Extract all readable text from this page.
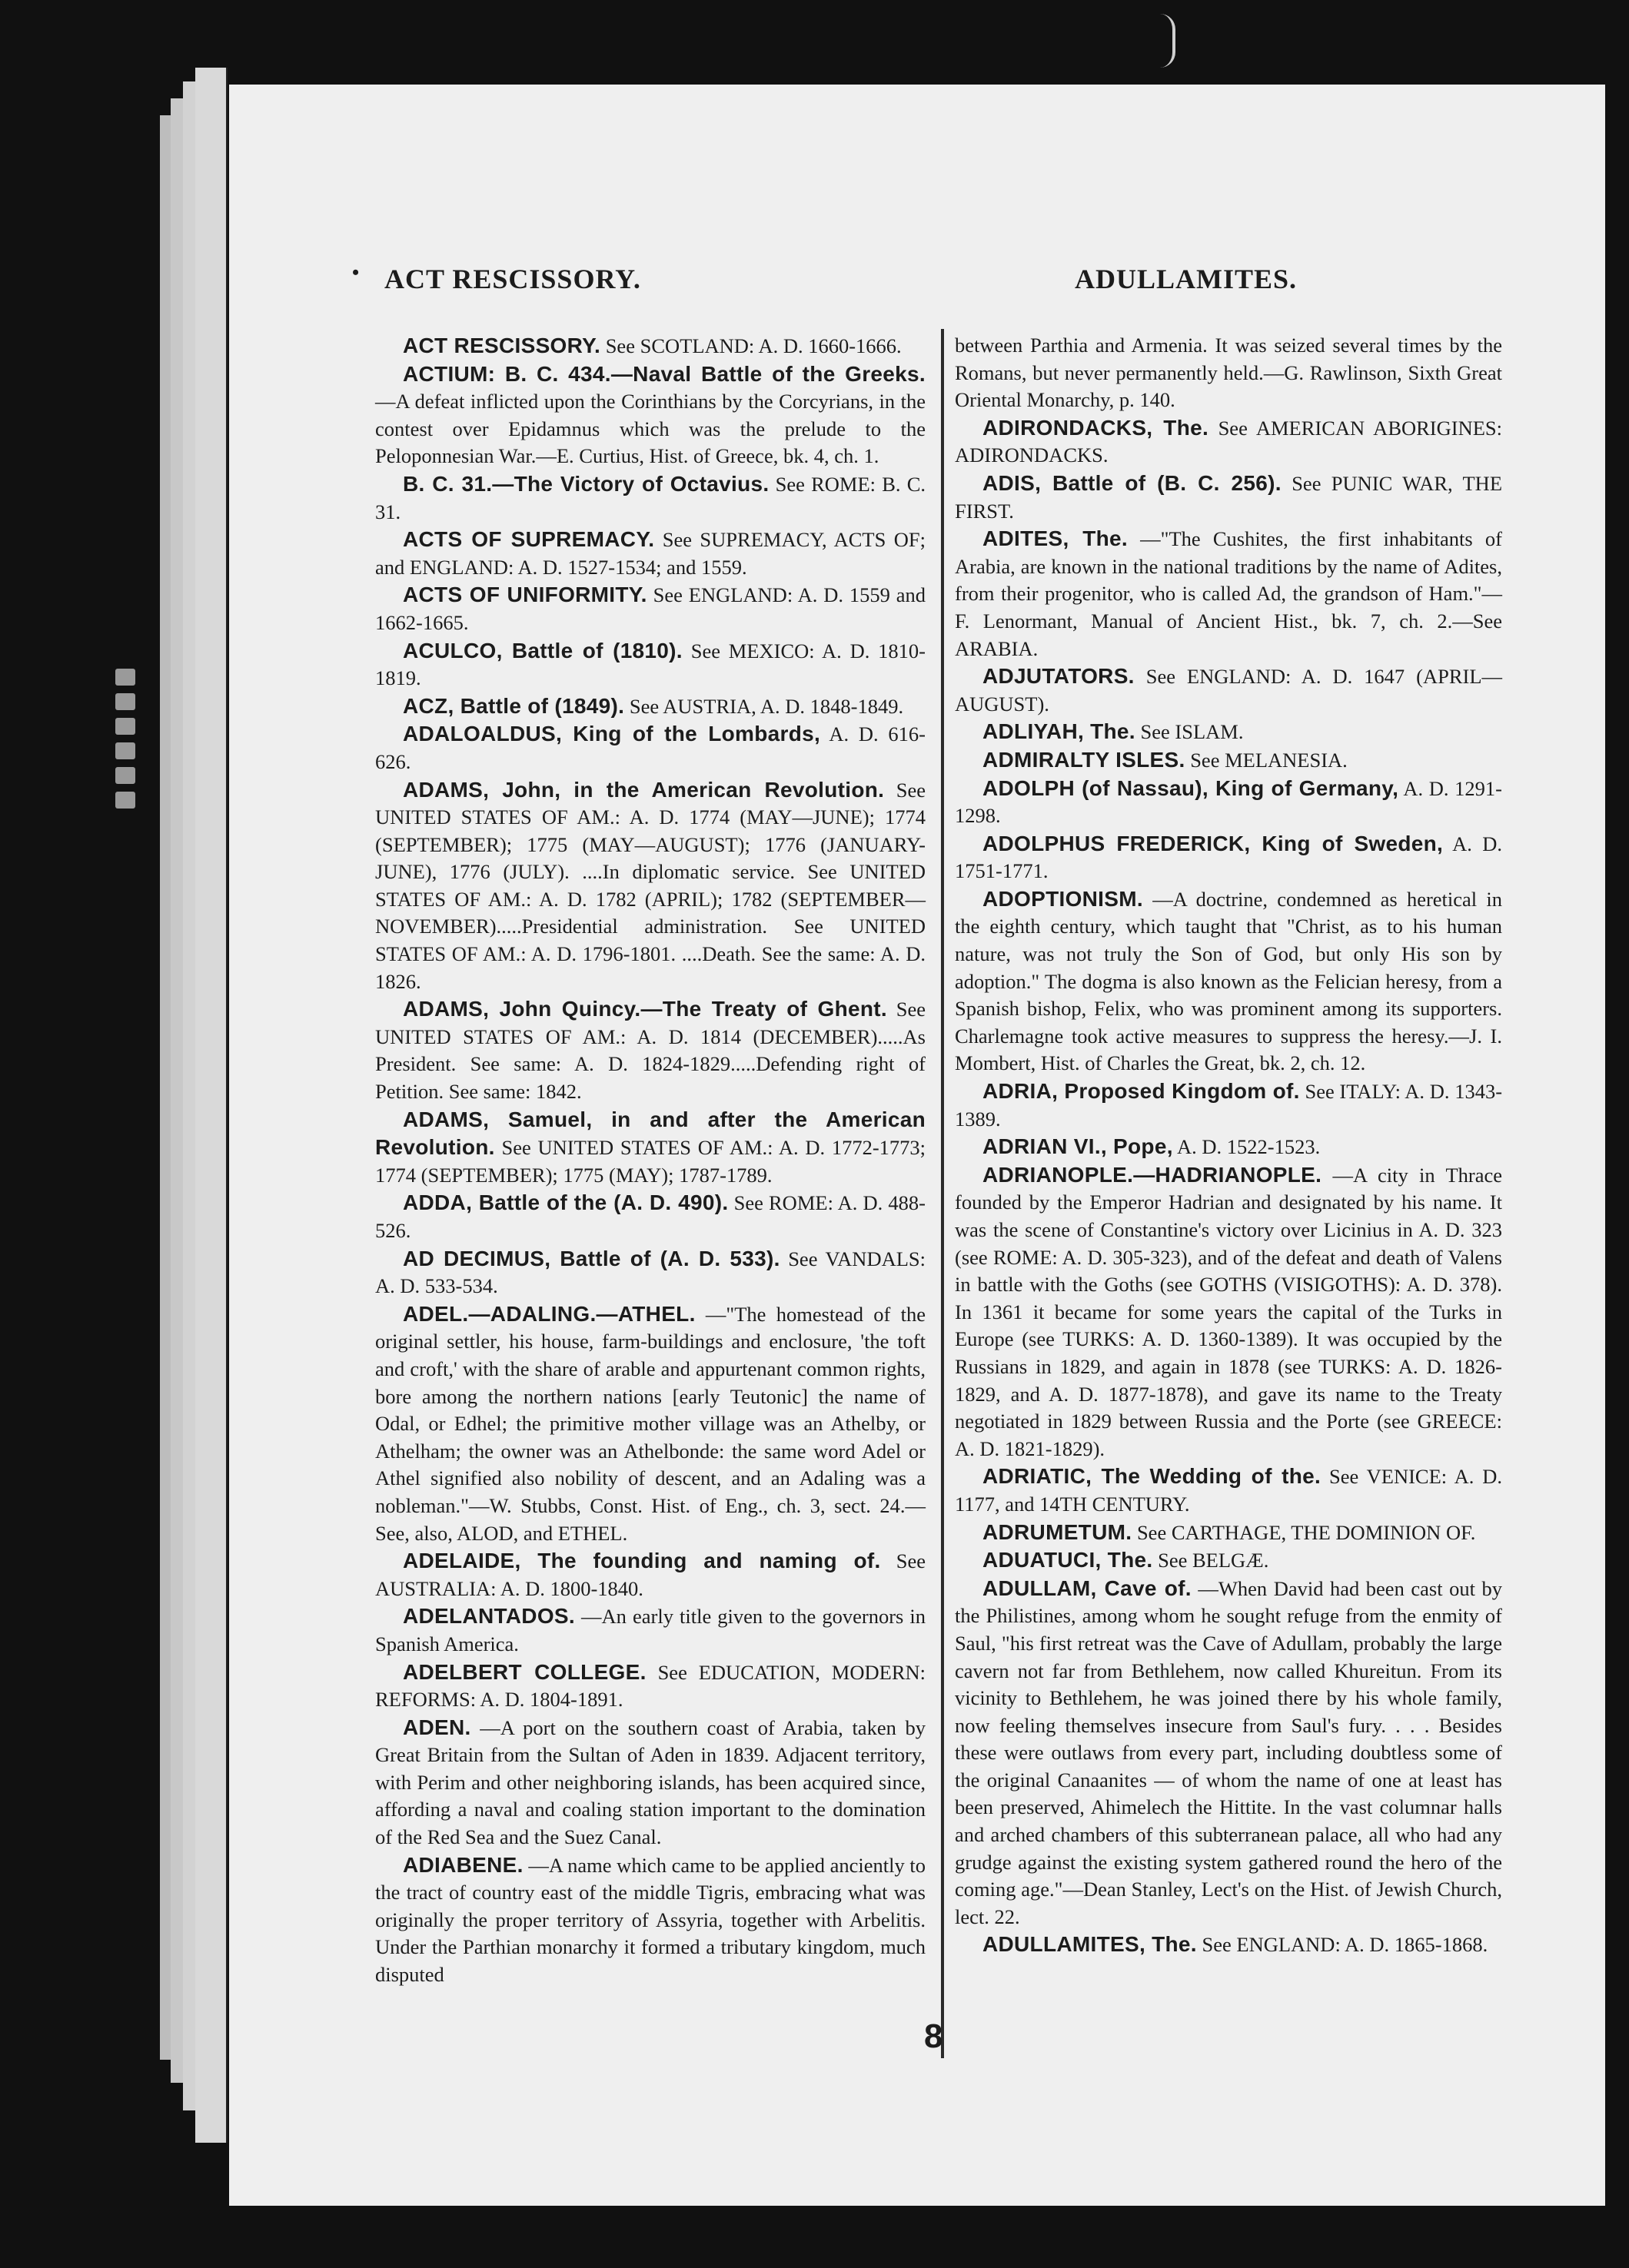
• ACT RESCISSORY.	ADULLAMITES.

ACT RESCISSORY. See SCOTLAND: A. D. 1660-1666.

ACTIUM: B. C. 434.—Naval Battle of the Greeks. —A defeat inflicted upon the Corinthians by the Corcyrians, in the contest over Epidamnus which was the prelude to the Peloponnesian War.—E. Curtius, Hist. of Greece, bk. 4, ch. 1.

B. C. 31.—The Victory of Octavius. See ROME: B. C. 31.

ACTS OF SUPREMACY. See SUPREMACY, ACTS OF; and ENGLAND: A. D. 1527-1534; and 1559.

ACTS OF UNIFORMITY. See ENGLAND: A. D. 1559 and 1662-1665.

ACULCO, Battle of (1810). See MEXICO: A. D. 1810-1819.

ACZ, Battle of (1849). See AUSTRIA, A. D. 1848-1849.

ADALOALDUS, King of the Lombards, A. D. 616-626.

ADAMS, John, in the American Revolution. See UNITED STATES OF AM.: A. D. 1774 (MAY—JUNE); 1774 (SEPTEMBER); 1775 (MAY—AUGUST); 1776 (JANUARY-JUNE), 1776 (JULY). ....In diplomatic service. See UNITED STATES OF AM.: A. D. 1782 (APRIL); 1782 (SEPTEMBER—NOVEMBER).....Presidential administration. See UNITED STATES OF AM.: A. D. 1796-1801. ....Death. See the same: A. D. 1826.

ADAMS, John Quincy.—The Treaty of Ghent. See UNITED STATES OF AM.: A. D. 1814 (DECEMBER).....As President. See same: A. D. 1824-1829.....Defending right of Petition. See same: 1842.

ADAMS, Samuel, in and after the American Revolution. See UNITED STATES OF AM.: A. D. 1772-1773; 1774 (SEPTEMBER); 1775 (MAY); 1787-1789.

ADDA, Battle of the (A. D. 490). See ROME: A. D. 488-526.

AD DECIMUS, Battle of (A. D. 533). See VANDALS: A. D. 533-534.

ADEL.—ADALING.—ATHEL. —"The homestead of the original settler, his house, farm-buildings and enclosure, 'the toft and croft,' with the share of arable and appurtenant common rights, bore among the northern nations [early Teutonic] the name of Odal, or Edhel; the primitive mother village was an Athelby, or Athelham; the owner was an Athelbonde: the same word Adel or Athel signified also nobility of descent, and an Adaling was a nobleman."—W. Stubbs, Const. Hist. of Eng., ch. 3, sect. 24.—See, also, ALOD, and ETHEL.

ADELAIDE, The founding and naming of. See AUSTRALIA: A. D. 1800-1840.

ADELANTADOS. —An early title given to the governors in Spanish America.

ADELBERT COLLEGE. See EDUCATION, MODERN: REFORMS: A. D. 1804-1891.

ADEN. —A port on the southern coast of Arabia, taken by Great Britain from the Sultan of Aden in 1839. Adjacent territory, with Perim and other neighboring islands, has been acquired since, affording a naval and coaling station important to the domination of the Red Sea and the Suez Canal.

ADIABENE. —A name which came to be applied anciently to the tract of country east of the middle Tigris, embracing what was originally the proper territory of Assyria, together with Arbelitis. Under the Parthian monarchy it formed a tributary kingdom, much disputed

between Parthia and Armenia. It was seized several times by the Romans, but never permanently held.—G. Rawlinson, Sixth Great Oriental Monarchy, p. 140.

ADIRONDACKS, The. See AMERICAN ABORIGINES: ADIRONDACKS.

ADIS, Battle of (B. C. 256). See PUNIC WAR, THE FIRST.

ADITES, The. —"The Cushites, the first inhabitants of Arabia, are known in the national traditions by the name of Adites, from their progenitor, who is called Ad, the grandson of Ham."—F. Lenormant, Manual of Ancient Hist., bk. 7, ch. 2.—See ARABIA.

ADJUTATORS. See ENGLAND: A. D. 1647 (APRIL—AUGUST).

ADLIYAH, The. See ISLAM.

ADMIRALTY ISLES. See MELANESIA.

ADOLPH (of Nassau), King of Germany, A. D. 1291-1298.

ADOLPHUS FREDERICK, King of Sweden, A. D. 1751-1771.

ADOPTIONISM. —A doctrine, condemned as heretical in the eighth century, which taught that "Christ, as to his human nature, was not truly the Son of God, but only His son by adoption." The dogma is also known as the Felician heresy, from a Spanish bishop, Felix, who was prominent among its supporters. Charlemagne took active measures to suppress the heresy.—J. I. Mombert, Hist. of Charles the Great, bk. 2, ch. 12.

ADRIA, Proposed Kingdom of. See ITALY: A. D. 1343-1389.

ADRIAN VI., Pope, A. D. 1522-1523.

ADRIANOPLE.—HADRIANOPLE. —A city in Thrace founded by the Emperor Hadrian and designated by his name. It was the scene of Constantine's victory over Licinius in A. D. 323 (see ROME: A. D. 305-323), and of the defeat and death of Valens in battle with the Goths (see GOTHS (VISIGOTHS): A. D. 378). In 1361 it became for some years the capital of the Turks in Europe (see TURKS: A. D. 1360-1389). It was occupied by the Russians in 1829, and again in 1878 (see TURKS: A. D. 1826-1829, and A. D. 1877-1878), and gave its name to the Treaty negotiated in 1829 between Russia and the Porte (see GREECE: A. D. 1821-1829).

ADRIATIC, The Wedding of the. See VENICE: A. D. 1177, and 14TH CENTURY.

ADRUMETUM. See CARTHAGE, THE DOMINION OF.

ADUATUCI, The. See BELGÆ.

ADULLAM, Cave of. —When David had been cast out by the Philistines, among whom he sought refuge from the enmity of Saul, "his first retreat was the Cave of Adullam, probably the large cavern not far from Bethlehem, now called Khureitun. From its vicinity to Bethlehem, he was joined there by his whole family, now feeling themselves insecure from Saul's fury. . . . Besides these were outlaws from every part, including doubtless some of the original Canaanites — of whom the name of one at least has been preserved, Ahimelech the Hittite. In the vast columnar halls and arched chambers of this subterranean palace, all who had any grudge against the existing system gathered round the hero of the coming age."—Dean Stanley, Lect's on the Hist. of Jewish Church, lect. 22.

ADULLAMITES, The. See ENGLAND: A. D. 1865-1868.

8
